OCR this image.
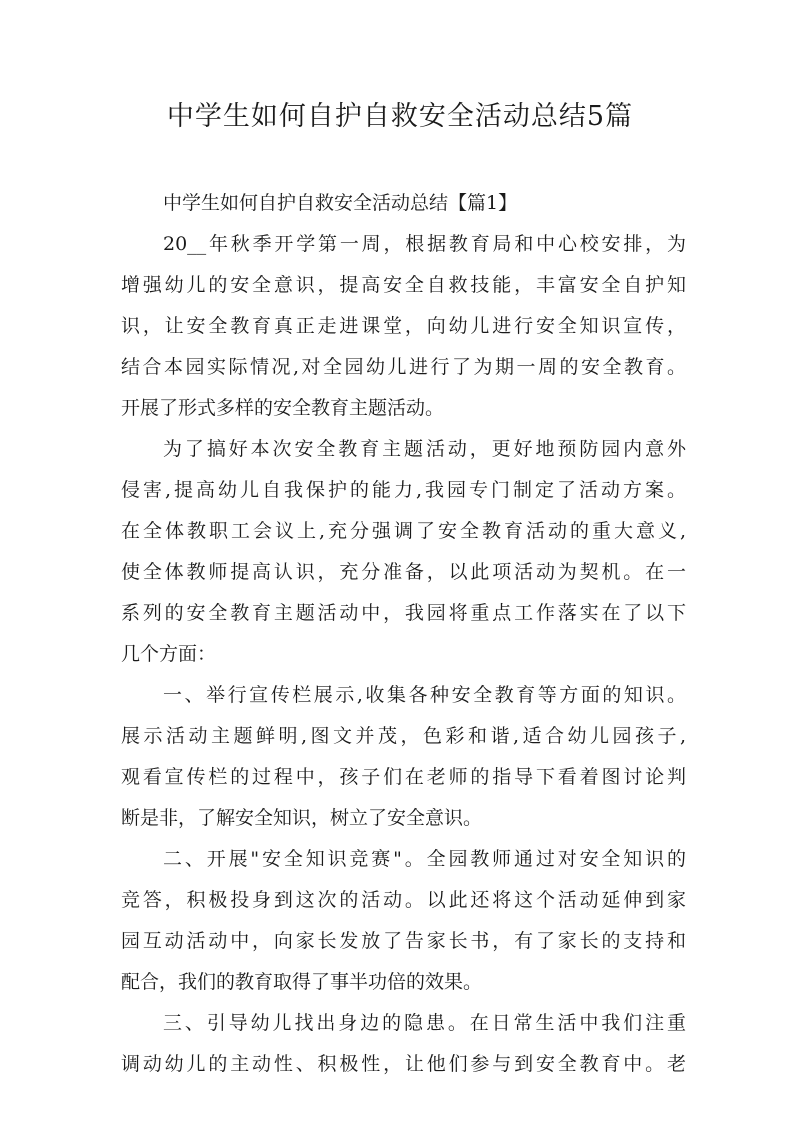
中学生如何自护自救安全活动总结5篇
中学生如何自护自救安全活动总结【篇1】
20__年秋季开学第一周，根据教育局和中心校安排，为
增强幼儿的安全意识，提高安全自救技能，丰富安全自护知
识，让安全教育真正走进课堂，向幼儿进行安全知识宣传，
结合本园实际情况,对全园幼儿进行了为期一周的安全教育。
开展了形式多样的安全教育主题活动。
为了搞好本次安全教育主题活动，更好地预防园内意外
侵害,提高幼儿自我保护的能力,我园专门制定了活动方案。
在全体教职工会议上,充分强调了安全教育活动的重大意义,
使全体教师提高认识，充分准备，以此项活动为契机。在一
系列的安全教育主题活动中，我园将重点工作落实在了以下
几个方面：
一、举行宣传栏展示,收集各种安全教育等方面的知识。
展示活动主题鲜明,图文并茂，色彩和谐,适合幼儿园孩子,
观看宣传栏的过程中，孩子们在老师的指导下看着图讨论判
断是非，了解安全知识，树立了安全意识。
二、开展"安全知识竞赛"。全园教师通过对安全知识的
竞答，积极投身到这次的活动。以此还将这个活动延伸到家
园互动活动中，向家长发放了告家长书，有了家长的支持和
配合，我们的教育取得了事半功倍的效果。
三、引导幼儿找出身边的隐患。在日常生活中我们注重
调动幼儿的主动性、积极性，让他们参与到安全教育中。老
